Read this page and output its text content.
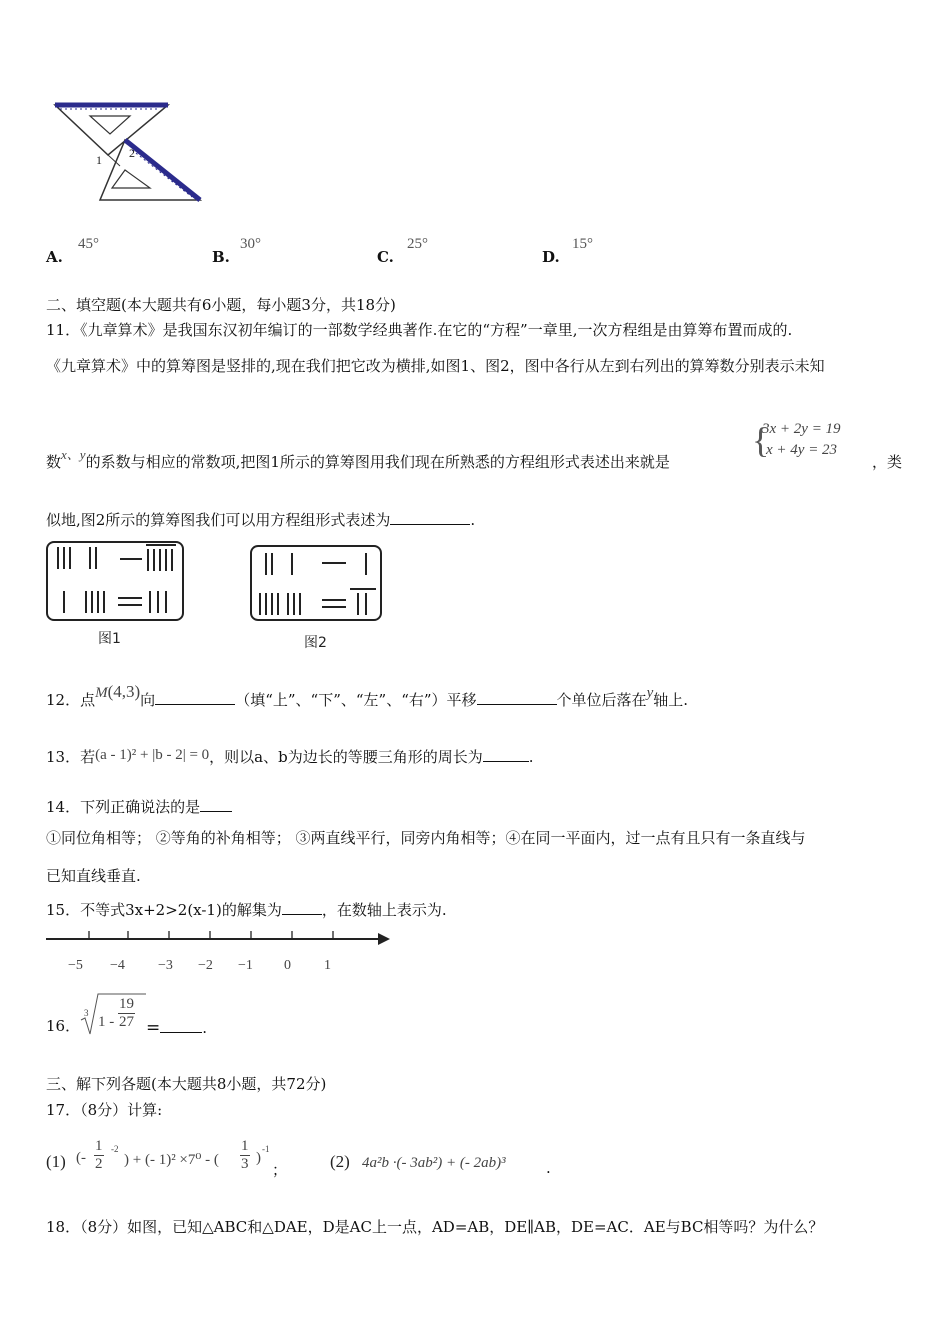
1 2
A.
45°
B.
30°
C.
25°
D.
15°
二、填空题(本大题共有6小题，每小题3分，共18分)
11．《九章算术》是我国东汉初年编订的一部数学经典著作.在它的“方程”一章里,一次方程组是由算筹布置而成的.
《九章算术》中的算筹图是竖排的,现在我们把它改为横排,如图1、图2，图中各行从左到右列出的算筹数分别表示未知
数x、y的系数与相应的常数项,把图1所示的算筹图用我们现在所熟悉的方程组形式表述出来就是
{
3x + 2y = 19
x + 4y = 23
，类
似地,图2所示的算筹图我们可以用方程组形式表述为	.
图1	图2
12．点M(4,3)向	（填“上”、“下”、“左”、“右”）平移	个单位后落在y轴上.
13．若(a - 1)² + |b - 2| = 0，则以a、b为边长的等腰三角形的周长为	.
14．下列正确说法的是
①同位角相等； ②等角的补角相等； ③两直线平行，同旁内角相等；④在同一平面内，过一点有且只有一条直线与
已知直线垂直.
15．不等式3x+2>2(x-1)的解集为	，在数轴上表示为.
−5 −4 −3 −2 −1 0 1
16．
3
$1 - \frac{19}{27}$ =	.
三、解下列各题(本大题共8小题，共72分)
17．（8分）计算:
(1) (- $\frac{1}{2} -2$
) + (- 1)² ×7⁰ - ( $\frac{1}{3}$ )
-1
；	(2) 4a²b ·(- 3ab²) + (- 2ab)³	.
18．（8分）如图，已知△ABC和△DAE，D是AC上一点，AD=AB，DE∥AB，DE=AC．AE与BC相等吗？为什么？
